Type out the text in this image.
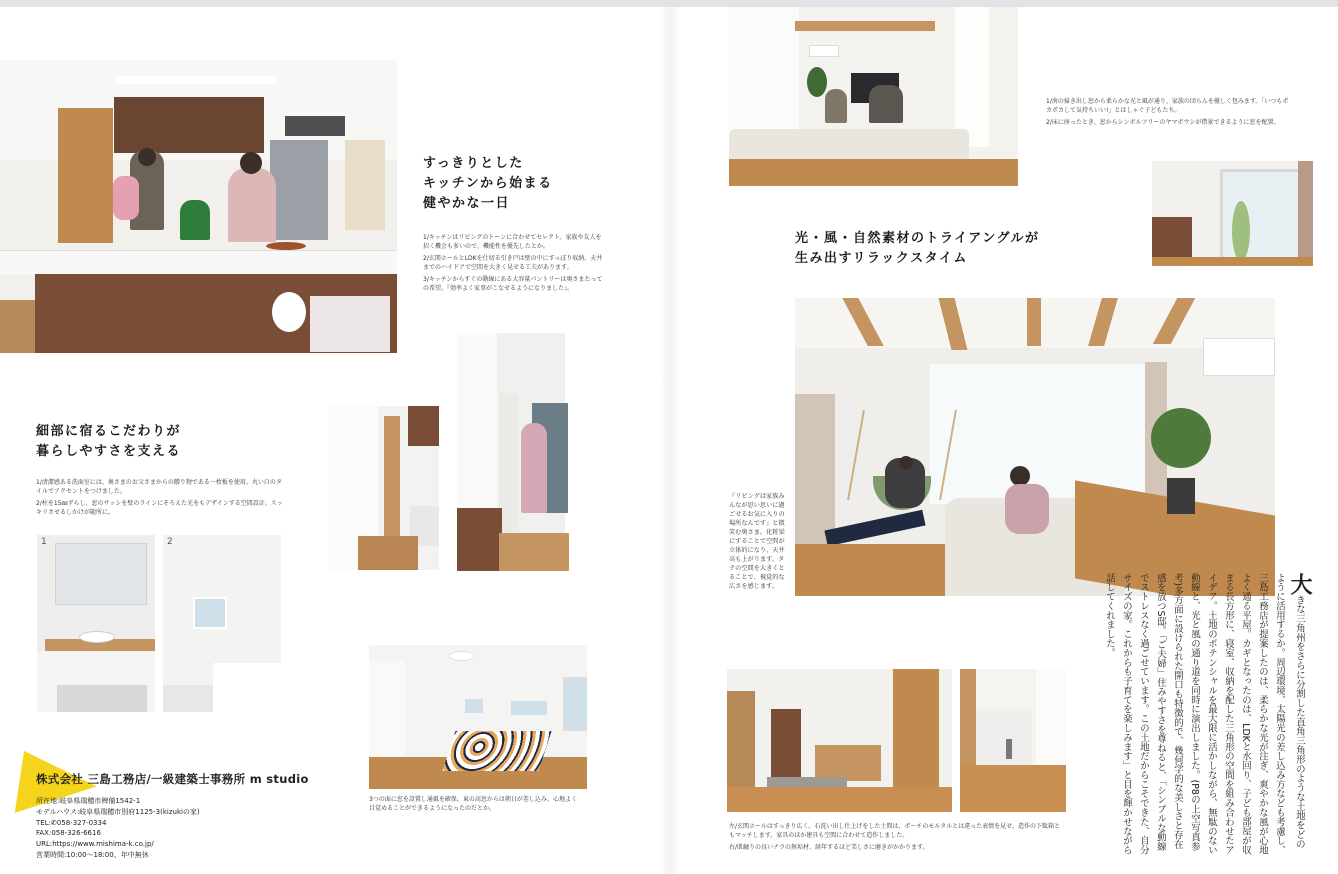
すっきりとした
キッチンから始まる
健やかな一日

1/キッチンはリビングのトーンに合わせてセレクト。家族や友人を招く機会も多いので、機能性を優先したとか。

2/玄関ホールとLDKを仕切る引き戸は壁の中にすっぽり収納。天井までのハイドアで空間を大きく見せる工夫があります。

3/キッチンからすぐの動線にある大容量パントリーは奥さまたっての希望。『効率よく家事がこなせるようになりました』。

細部に宿るこだわりが
暮らしやすさを支える

1/清潔感ある洗面室には、奥さまのお父さまからの贈り物である一枚板を使用。丸い白のタイルでアクセントをつけました。

2/柱を15㎜ずらし、窓のサッシを壁のラインにそろえた光をもデザインする空間設計。スッキリさせるしかけが随所に。

1	2

3つの面に窓を設置し通風を確保。東の高窓からは朝日が差し込み、心地よく目覚めることができるようになったのだとか。

株式会社 三島工務店/一級建築士事務所 m studio
所在地:岐阜県瑞穂市稗備1542-1
モデルハウス:岐阜県瑞穂市別府1125-3(kizukiの家)
TEL:✆058-327-0334
FAX:058-326-6616
URL:https://www.mishima-k.co.jp/
営業時間:10:00〜18:00、年中無休

1/南の掃き出し窓から柔らかな光と風が通り、家族の団らんを優しく包みます。「いつもポカポカして気持ちいい!」とはしゃぐ子どもたち。

2/床に座ったとき、窓からシンボルツリーのヤマボウシが借景できるように窓を配置。

光・風・自然素材のトライアングルが
生み出すリラックスタイム

『リビングは家族みんなが思い思いに過ごせるお気に入りの場所なんです』と微笑む奥さま。化粧梁にすることで空間が立体的になり、天井高も上がります。タテの空間を大きくとることで、視覚的な広さを感じます。	大きな三角州をさらに分割した直角三角形のような土地をどのように活用するか。周辺環境、太陽光の差し込み方なども考慮し、三島工務店が提案したのは、柔らかな光が注ぎ、爽やかな風が心地よく通る平屋。カギとなったのは、LDKと水回り、子ども部屋が収まる長方形に、寝室、収納を配した三角形の空間を組み合わせたアイデア。土地のポテンシャルを最大限に活かしながら、無駄のない動線と、光と風の通り道を同時に演出しました。(P8の上空写真参考)多方面に設けられた開口も特徴的で、幾何学的な美しさと存在感を放つS邸。「ご夫婦」住みやすさを尊ねると、「シンプルな動線でストレスなく過ごせています。この土地だからこそできた、自分サイズの家。これからも子育てを楽しみます」と目を輝かせながら話してくれました。

左/玄関ホールはすっきり広く。石洗い出し仕上げをした土間は、ポーチのモルタルとは違った表情を見せ、造作の下駄箱ともマッチします。家具のほか建具も空間に合わせて造作しました。

右/肌触りの良いナラの無垢材。経年するほど美しさに磨きがかかります。
